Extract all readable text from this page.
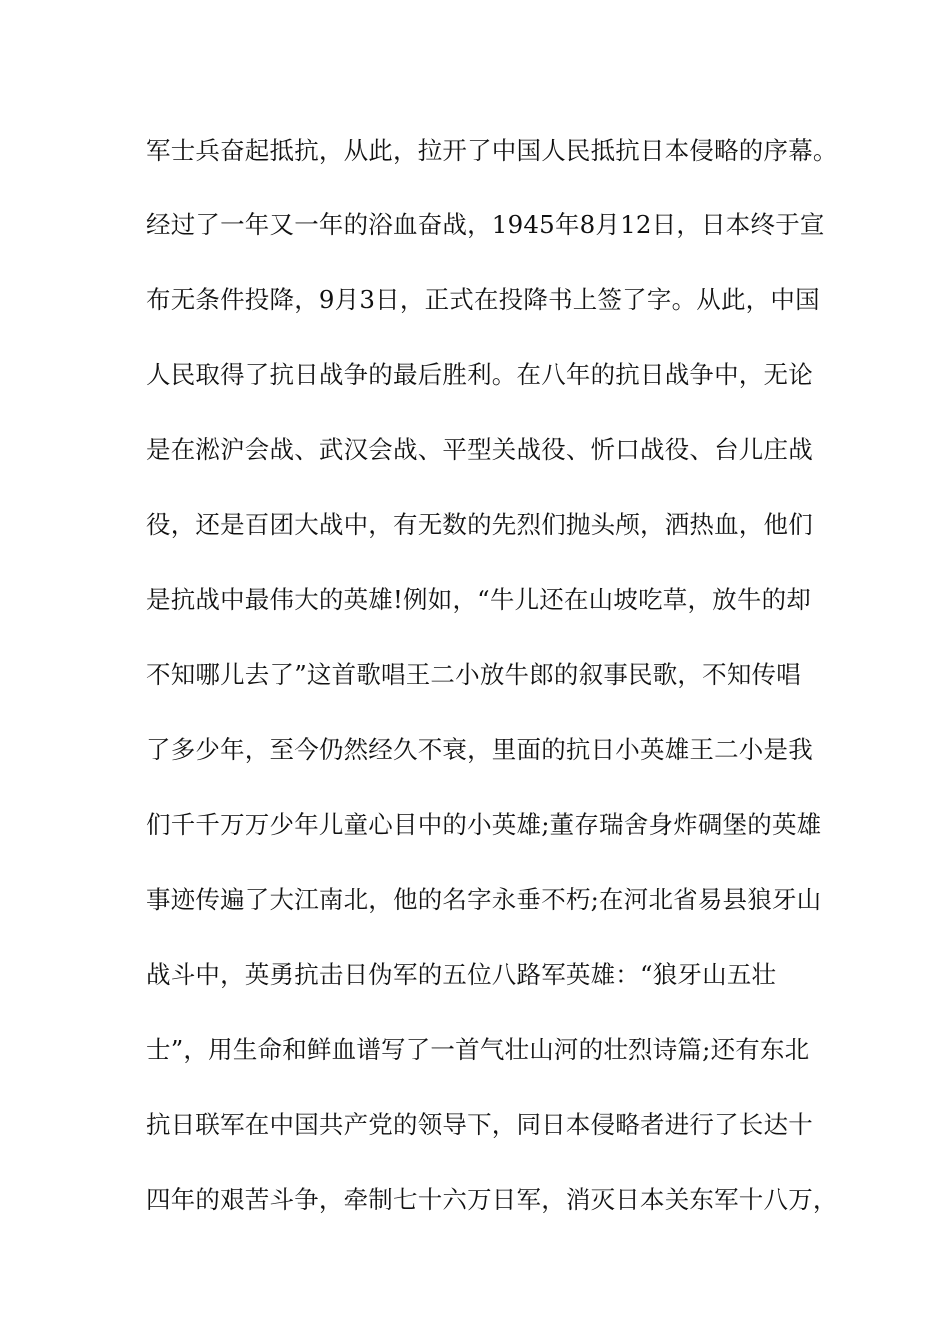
军士兵奋起抵抗，从此，拉开了中国人民抵抗日本侵略的序幕。
经过了一年又一年的浴血奋战，1945年8月12日，日本终于宣
布无条件投降，9月3日，正式在投降书上签了字。从此，中国
人民取得了抗日战争的最后胜利。在八年的抗日战争中，无论
是在淞沪会战、武汉会战、平型关战役、忻口战役、台儿庄战
役，还是百团大战中，有无数的先烈们抛头颅，洒热血，他们
是抗战中最伟大的英雄!例如，“牛儿还在山坡吃草，放牛的却
不知哪儿去了”这首歌唱王二小放牛郎的叙事民歌，不知传唱
了多少年，至今仍然经久不衰，里面的抗日小英雄王二小是我
们千千万万少年儿童心目中的小英雄;董存瑞舍身炸碉堡的英雄
事迹传遍了大江南北，他的名字永垂不朽;在河北省易县狼牙山
战斗中，英勇抗击日伪军的五位八路军英雄：“狼牙山五壮
士”，用生命和鲜血谱写了一首气壮山河的壮烈诗篇;还有东北
抗日联军在中国共产党的领导下，同日本侵略者进行了长达十
四年的艰苦斗争，牵制七十六万日军，消灭日本关东军十八万，
